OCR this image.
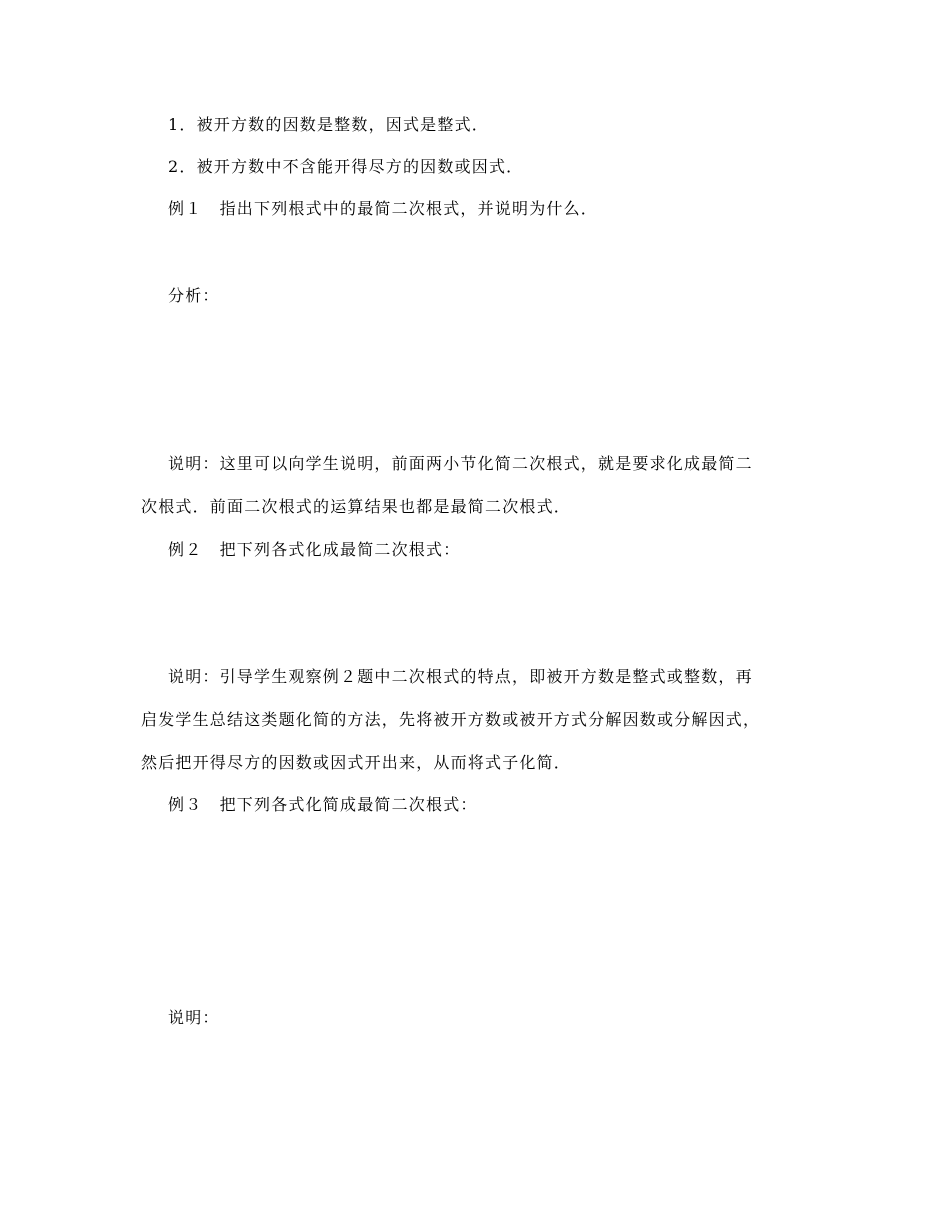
1．被开方数的因数是整数，因式是整式．
2．被开方数中不含能开得尽方的因数或因式．
例１　指出下列根式中的最简二次根式，并说明为什么．
分析：
说明：这里可以向学生说明，前面两小节化简二次根式，就是要求化成最简二
次根式．前面二次根式的运算结果也都是最简二次根式．
例２　把下列各式化成最简二次根式：
说明：引导学生观察例２题中二次根式的特点，即被开方数是整式或整数，再
启发学生总结这类题化简的方法，先将被开方数或被开方式分解因数或分解因式，
然后把开得尽方的因数或因式开出来，从而将式子化简．
例３　把下列各式化简成最简二次根式：
说明：
